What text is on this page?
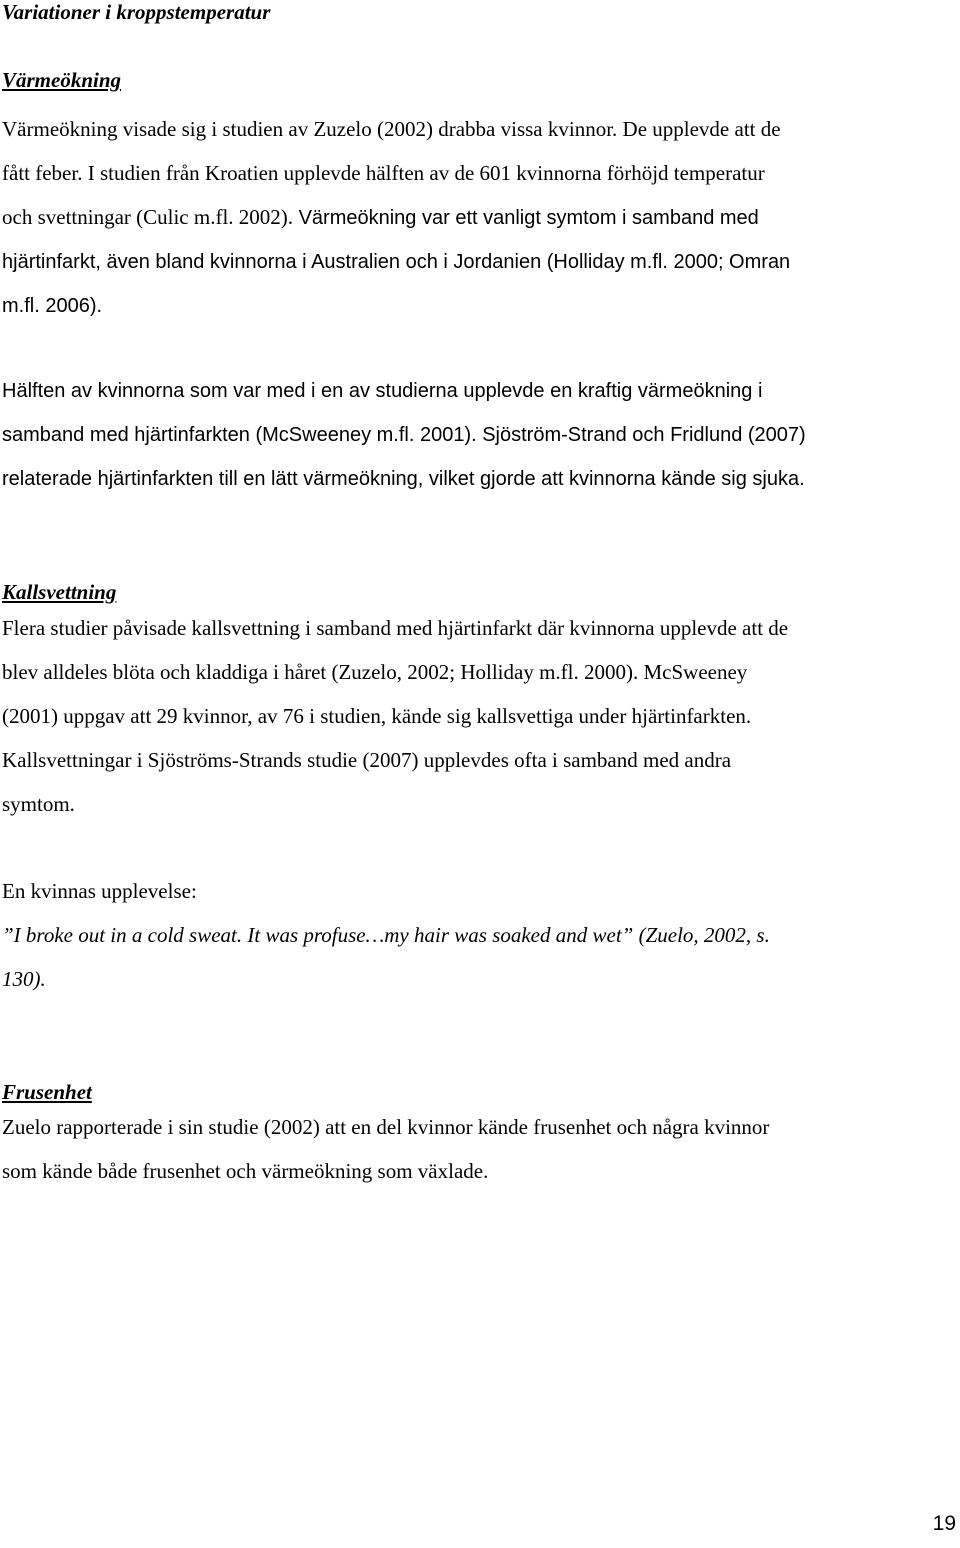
Variationer i kroppstemperatur
Värmeökning
Värmeökning visade sig i studien av Zuzelo (2002) drabba vissa kvinnor. De upplevde att de
fått feber. I studien från Kroatien upplevde hälften av de 601 kvinnorna förhöjd temperatur
och svettningar (Culic m.fl. 2002). Värmeökning var ett vanligt symtom i samband med
hjärtinfarkt, även bland kvinnorna i Australien och i Jordanien (Holliday m.fl. 2000; Omran
m.fl. 2006).
Hälften av kvinnorna som var med i en av studierna upplevde en kraftig värmeökning i
samband med hjärtinfarkten (McSweeney m.fl. 2001). Sjöström-Strand och Fridlund (2007)
relaterade hjärtinfarkten till en lätt värmeökning, vilket gjorde att kvinnorna kände sig sjuka.
Kallsvettning
Flera studier påvisade kallsvettning i samband med hjärtinfarkt där kvinnorna upplevde att de
blev alldeles blöta och kladdiga i håret (Zuzelo, 2002; Holliday m.fl. 2000). McSweeney
(2001) uppgav att 29 kvinnor, av 76 i studien, kände sig kallsvettiga under hjärtinfarkten.
Kallsvettningar i Sjöströms-Strands studie (2007) upplevdes ofta i samband med andra
symtom.
En kvinnas upplevelse:
”I broke out in a cold sweat. It was profuse…my hair was soaked and wet” (Zuelo, 2002, s.
130).
Frusenhet
Zuelo rapporterade i sin studie (2002) att en del kvinnor kände frusenhet och några kvinnor
som kände både frusenhet och värmeökning som växlade.
19
